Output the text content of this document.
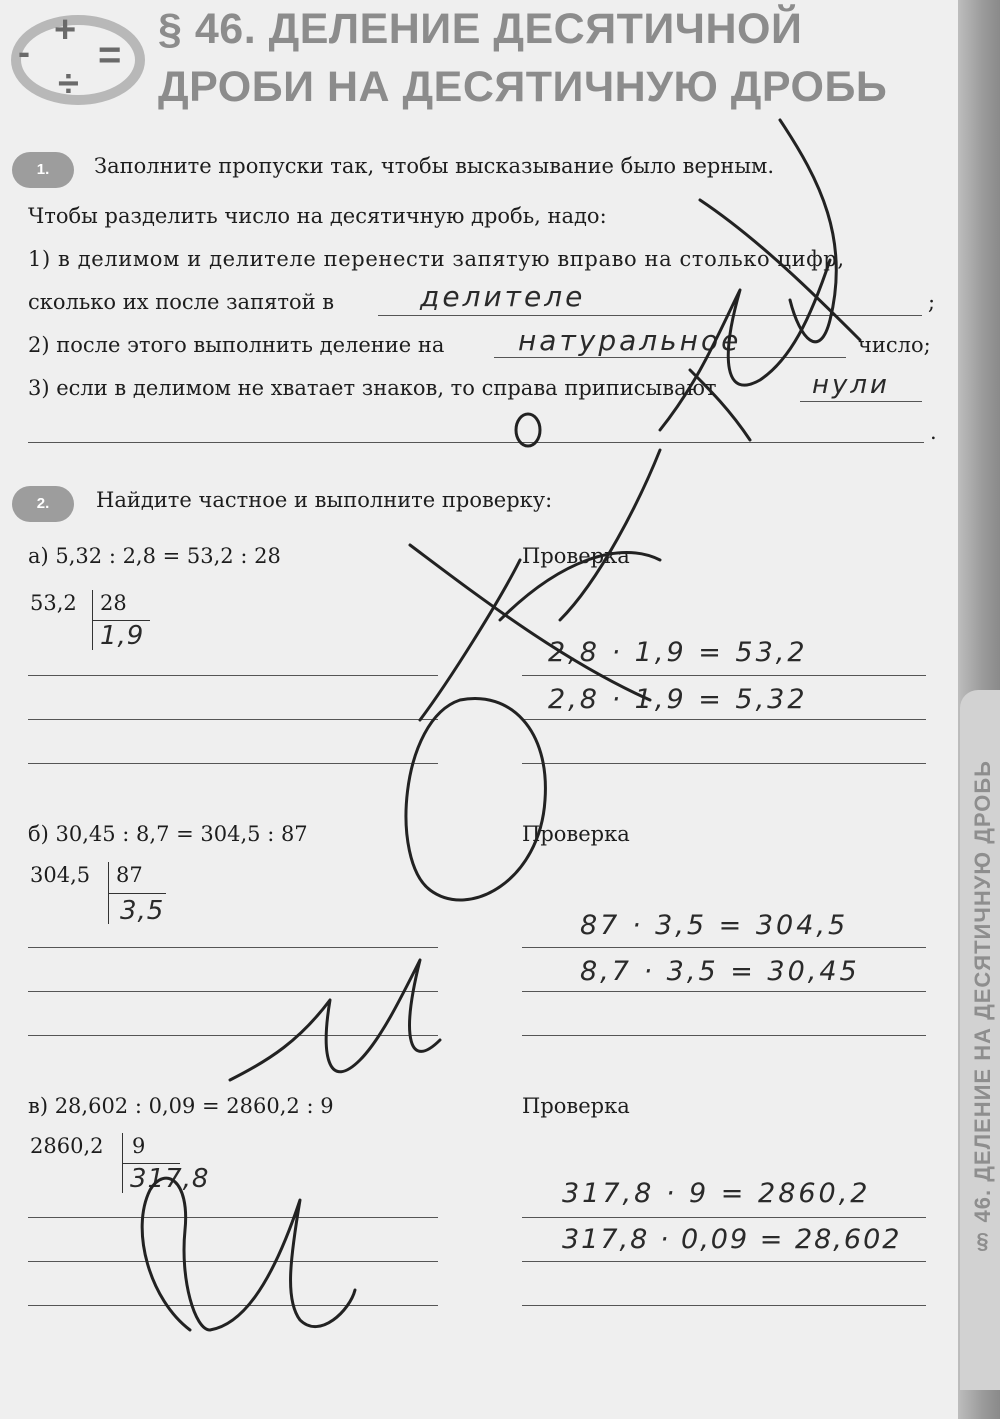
-
+
=
÷
§ 46. ДЕЛЕНИЕ ДЕСЯТИЧНОЙ
ДРОБИ НА ДЕСЯТИЧНУЮ ДРОБЬ
1.	Заполните пропуски так, чтобы высказывание было верным.
Чтобы разделить число на десятичную дробь, надо:
1) в делимом и делителе перенести запятую вправо на столько цифр,
сколько их после запятой в	делителе	;
2) после этого выполнить деление на	натуральное	число;
3) если в делимом не хватает знаков, то справа приписывают	нули
.
2.	Найдите частное и выполните проверку:
а) 5,32 : 2,8 = 53,2 : 28	Проверка
53,2 28
1,9
2,8 · 1,9 = 53,2
2,8 · 1,9 = 5,32
б) 30,45 : 8,7 = 304,5 : 87	Проверка
304,5 87
3,5	87 · 3,5 = 304,5
8,7 · 3,5 = 30,45
в) 28,602 : 0,09 = 2860,2 : 9	Проверка
2860,2 9
317,8	317,8 · 9 = 2860,2
317,8 · 0,09 = 28,602	§ 46. ДЕЛЕНИЕ НА ДЕСЯТИЧНУЮ ДРОБЬ
